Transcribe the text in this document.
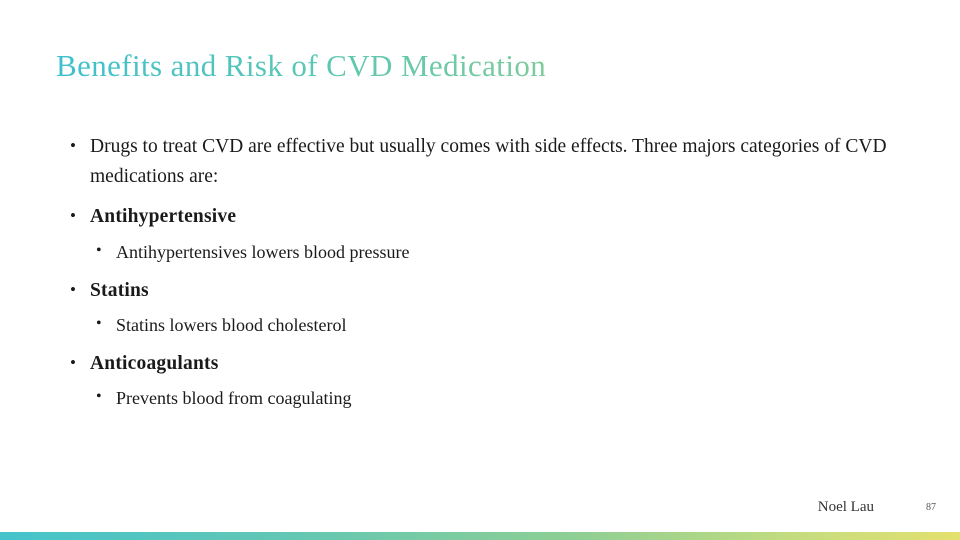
Benefits and Risk of CVD Medication
• Drugs to treat CVD are effective but usually comes with side effects. Three majors categories of CVD medications are:
• Antihypertensive
• Antihypertensives lowers blood pressure
• Statins
• Statins lowers blood cholesterol
• Anticoagulants
• Prevents blood from coagulating
Noel Lau	87
